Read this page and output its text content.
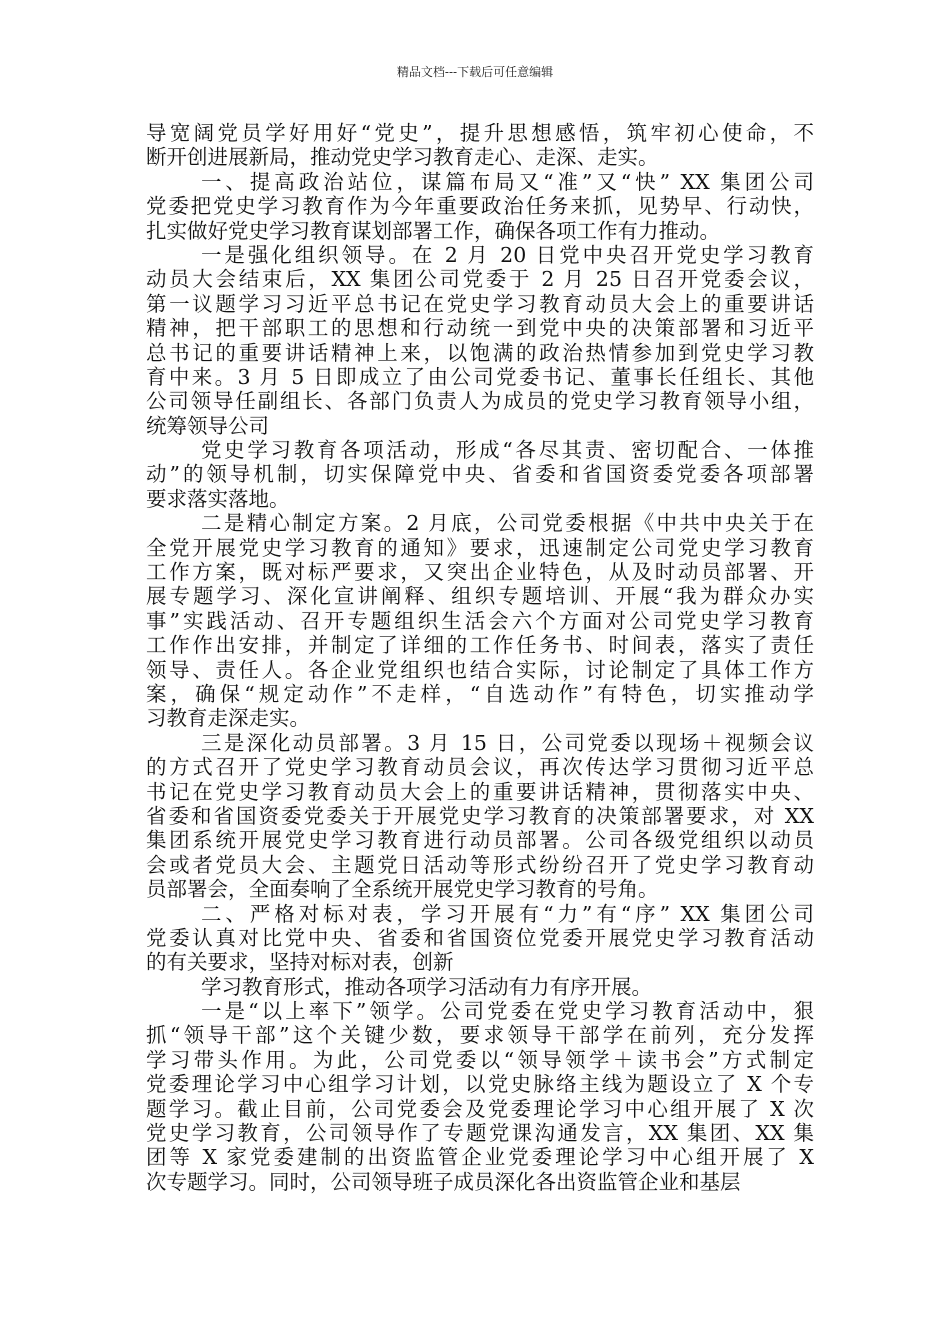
精品文档---下载后可任意编辑
导宽阔党员学好用好“党史”，提升思想感悟，筑牢初心使命，不
断开创进展新局，推动党史学习教育走心、走深、走实。
一、提高政治站位，谋篇布局又“准”又“快” XX 集团公司
党委把党史学习教育作为今年重要政治任务来抓，见势早、行动快，
扎实做好党史学习教育谋划部署工作，确保各项工作有力推动。
一是强化组织领导。在 2 月 20 日党中央召开党史学习教育
动员大会结束后，XX 集团公司党委于 2 月 25 日召开党委会议，
第一议题学习习近平总书记在党史学习教育动员大会上的重要讲话
精神，把干部职工的思想和行动统一到党中央的决策部署和习近平
总书记的重要讲话精神上来，以饱满的政治热情参加到党史学习教
育中来。3 月 5 日即成立了由公司党委书记、董事长任组长、其他
公司领导任副组长、各部门负责人为成员的党史学习教育领导小组，
统筹领导公司
党史学习教育各项活动，形成“各尽其责、密切配合、一体推
动”的领导机制，切实保障党中央、省委和省国资委党委各项部署
要求落实落地。
二是精心制定方案。2 月底，公司党委根据《中共中央关于在
全党开展党史学习教育的通知》要求，迅速制定公司党史学习教育
工作方案，既对标严要求，又突出企业特色，从及时动员部署、开
展专题学习、深化宣讲阐释、组织专题培训、开展“我为群众办实
事”实践活动、召开专题组织生活会六个方面对公司党史学习教育
工作作出安排，并制定了详细的工作任务书、时间表，落实了责任
领导、责任人。各企业党组织也结合实际，讨论制定了具体工作方
案，确保“规定动作”不走样，“自选动作”有特色，切实推动学
习教育走深走实。
三是深化动员部署。3 月 15 日，公司党委以现场＋视频会议
的方式召开了党史学习教育动员会议，再次传达学习贯彻习近平总
书记在党史学习教育动员大会上的重要讲话精神，贯彻落实中央、
省委和省国资委党委关于开展党史学习教育的决策部署要求，对 XX
集团系统开展党史学习教育进行动员部署。公司各级党组织以动员
会或者党员大会、主题党日活动等形式纷纷召开了党史学习教育动
员部署会，全面奏响了全系统开展党史学习教育的号角。
二、严格对标对表，学习开展有“力”有“序” XX 集团公司
党委认真对比党中央、省委和省国资位党委开展党史学习教育活动
的有关要求，坚持对标对表，创新
学习教育形式，推动各项学习活动有力有序开展。
一是“以上率下”领学。公司党委在党史学习教育活动中，狠
抓“领导干部”这个关键少数，要求领导干部学在前列，充分发挥
学习带头作用。为此，公司党委以“领导领学＋读书会”方式制定
党委理论学习中心组学习计划，以党史脉络主线为题设立了 X 个专
题学习。截止目前，公司党委会及党委理论学习中心组开展了 X 次
党史学习教育，公司领导作了专题党课沟通发言，XX 集团、XX 集
团等 X 家党委建制的出资监管企业党委理论学习中心组开展了 X
次专题学习。同时，公司领导班子成员深化各出资监管企业和基层
